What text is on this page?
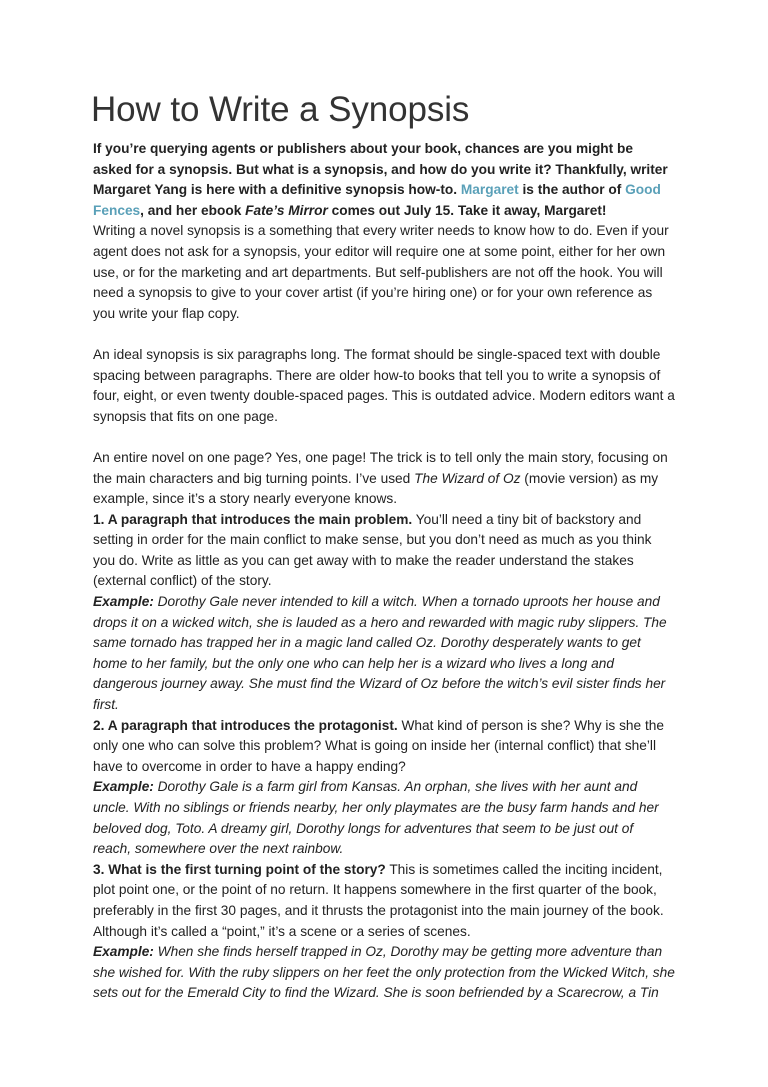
How to Write a Synopsis

If you’re querying agents or publishers about your book, chances are you might be asked for a synopsis. But what is a synopsis, and how do you write it? Thankfully, writer Margaret Yang is here with a definitive synopsis how-to. Margaret is the author of Good Fences, and her ebook Fate’s Mirror comes out July 15. Take it away, Margaret!

Writing a novel synopsis is a something that every writer needs to know how to do. Even if your agent does not ask for a synopsis, your editor will require one at some point, either for her own use, or for the marketing and art departments. But self-publishers are not off the hook. You will need a synopsis to give to your cover artist (if you’re hiring one) or for your own reference as you write your flap copy.

An ideal synopsis is six paragraphs long. The format should be single-spaced text with double spacing between paragraphs. There are older how-to books that tell you to write a synopsis of four, eight, or even twenty double-spaced pages. This is outdated advice. Modern editors want a synopsis that fits on one page.

An entire novel on one page? Yes, one page! The trick is to tell only the main story, focusing on the main characters and big turning points. I’ve used The Wizard of Oz (movie version) as my example, since it’s a story nearly everyone knows.

1. A paragraph that introduces the main problem. You’ll need a tiny bit of backstory and setting in order for the main conflict to make sense, but you don’t need as much as you think you do. Write as little as you can get away with to make the reader understand the stakes (external conflict) of the story.

Example: Dorothy Gale never intended to kill a witch. When a tornado uproots her house and drops it on a wicked witch, she is lauded as a hero and rewarded with magic ruby slippers. The same tornado has trapped her in a magic land called Oz. Dorothy desperately wants to get home to her family, but the only one who can help her is a wizard who lives a long and dangerous journey away. She must find the Wizard of Oz before the witch’s evil sister finds her first.

2. A paragraph that introduces the protagonist. What kind of person is she? Why is she the only one who can solve this problem? What is going on inside her (internal conflict) that she’ll have to overcome in order to have a happy ending?

Example: Dorothy Gale is a farm girl from Kansas. An orphan, she lives with her aunt and uncle. With no siblings or friends nearby, her only playmates are the busy farm hands and her beloved dog, Toto. A dreamy girl, Dorothy longs for adventures that seem to be just out of reach, somewhere over the next rainbow.

3. What is the first turning point of the story? This is sometimes called the inciting incident, plot point one, or the point of no return. It happens somewhere in the first quarter of the book, preferably in the first 30 pages, and it thrusts the protagonist into the main journey of the book. Although it’s called a “point,” it’s a scene or a series of scenes.

Example: When she finds herself trapped in Oz, Dorothy may be getting more adventure than she wished for. With the ruby slippers on her feet the only protection from the Wicked Witch, she sets out for the Emerald City to find the Wizard. She is soon befriended by a Scarecrow, a Tin
